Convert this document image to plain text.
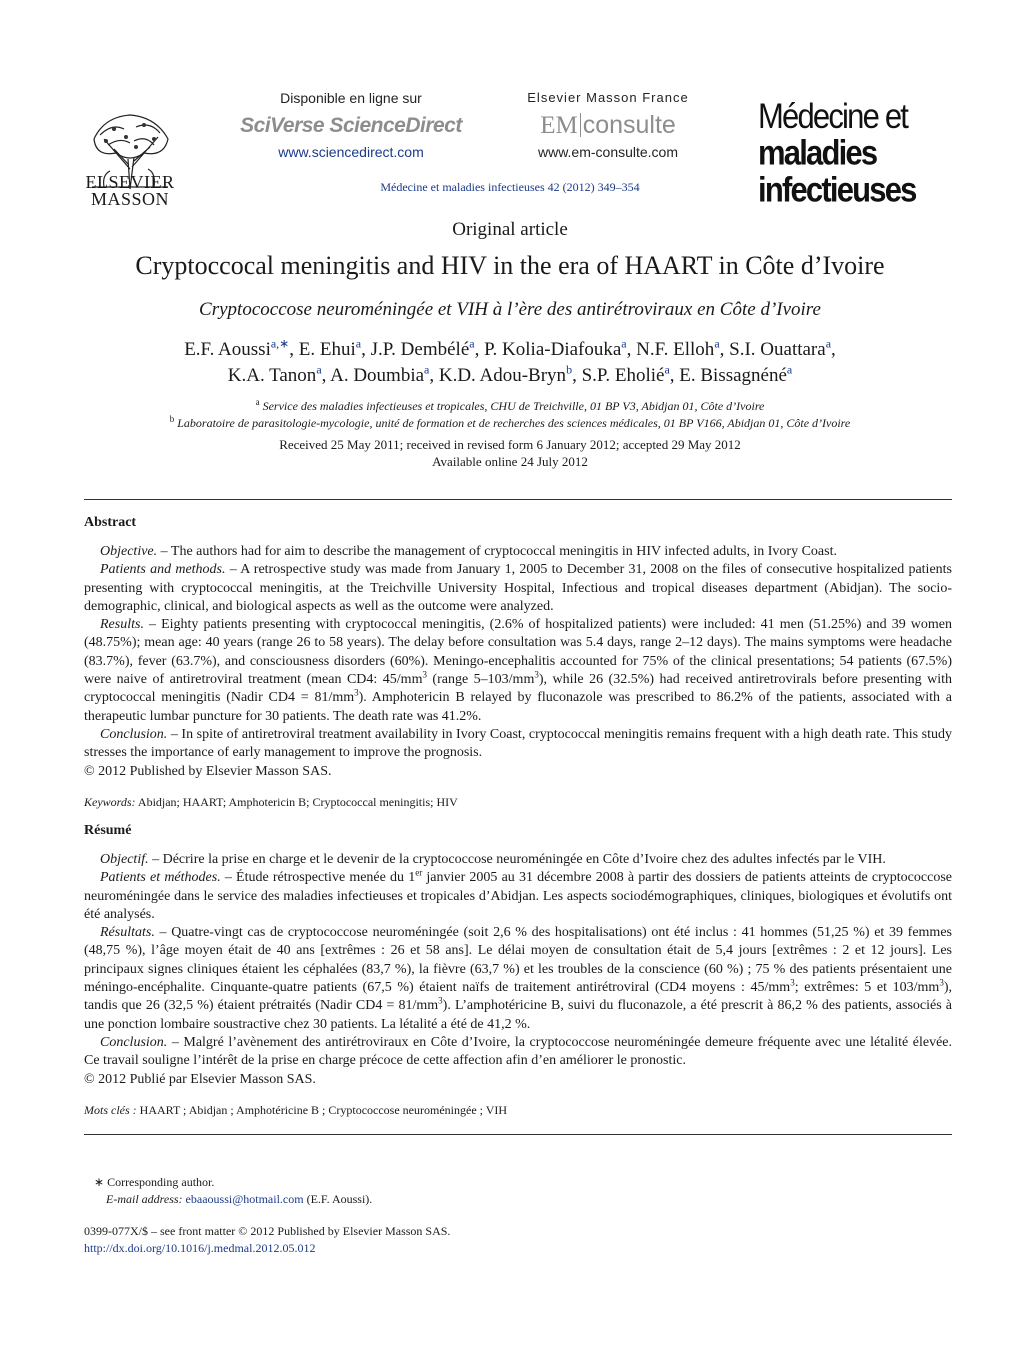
ELSEVIER
MASSON
Disponible en ligne sur
SciVerse ScienceDirect
www.sciencedirect.com
Elsevier Masson France
EM consulte
www.em-consulte.com
Médecine et
maladies infectieuses
Médecine et maladies infectieuses 42 (2012) 349–354
Original article
Cryptoccocal meningitis and HIV in the era of HAART in Côte d’Ivoire
Cryptococcose neuroméningée et VIH à l’ère des antirétroviraux en Côte d’Ivoire
E.F. Aoussi$^{a,∗}$, E. Ehui$^a$, J.P. Dembélé$^a$, P. Kolia-Diafouka$^a$, N.F. Elloh$^a$, S.I. Ouattara$^a$,
K.A. Tanon$^a$, A. Doumbia$^a$, K.D. Adou-Bryn$^b$, S.P. Eholié$^a$, E. Bissagnéné$^a$
$^a$ Service des maladies infectieuses et tropicales, CHU de Treichville, 01 BP V3, Abidjan 01, Côte d’Ivoire
$^b$ Laboratoire de parasitologie-mycologie, unité de formation et de recherches des sciences médicales, 01 BP V166, Abidjan 01, Côte d’Ivoire
Received 25 May 2011; received in revised form 6 January 2012; accepted 29 May 2012
Available online 24 July 2012
Abstract

Objective. – The authors had for aim to describe the management of cryptococcal meningitis in HIV infected adults, in Ivory Coast.

Patients and methods. – A retrospective study was made from January 1, 2005 to December 31, 2008 on the files of consecutive hospitalized patients presenting with cryptococcal meningitis, at the Treichville University Hospital, Infectious and tropical diseases department (Abidjan). The socio-demographic, clinical, and biological aspects as well as the outcome were analyzed.

Results. – Eighty patients presenting with cryptococcal meningitis, (2.6% of hospitalized patients) were included: 41 men (51.25%) and 39 women (48.75%); mean age: 40 years (range 26 to 58 years). The delay before consultation was 5.4 days, range 2–12 days). The mains symptoms were headache (83.7%), fever (63.7%), and consciousness disorders (60%). Meningo-encephalitis accounted for 75% of the clinical presentations; 54 patients (67.5%) were naive of antiretroviral treatment (mean CD4: $45/mm^3$ (range $5-103/mm^3$), while 26 (32.5%) had received antiretrovirals before presenting with cryptococcal meningitis (Nadir $CD4 = 81/mm^3$). Amphotericin B relayed by fluconazole was prescribed to 86.2% of the patients, associated with a therapeutic lumbar puncture for 30 patients. The death rate was 41.2%.

Conclusion. – In spite of antiretroviral treatment availability in Ivory Coast, cryptococcal meningitis remains frequent with a high death rate. This study stresses the importance of early management to improve the prognosis.

© 2012 Published by Elsevier Masson SAS.

Keywords: Abidjan; HAART; Amphotericin B; Cryptococcal meningitis; HIV
Résumé

Objectif. – Décrire la prise en charge et le devenir de la cryptococcose neuroméningée en Côte d’Ivoire chez des adultes infectés par le VIH.

Patients et méthodes. – Étude rétrospective menée du 1er janvier 2005 au 31 décembre 2008 à partir des dossiers de patients atteints de cryptococcose neuroméningée dans le service des maladies infectieuses et tropicales d’Abidjan. Les aspects sociodémographiques, cliniques, biologiques et évolutifs ont été analysés.

Résultats. – Quatre-vingt cas de cryptococcose neuroméningée (soit 2,6 % des hospitalisations) ont été inclus : 41 hommes (51,25 %) et 39 femmes (48,75 %), l’âge moyen était de 40 ans [extrêmes : 26 et 58 ans]. Le délai moyen de consultation était de 5,4 jours [extrêmes : 2 et 12 jours]. Les principaux signes cliniques étaient les céphalées (83,7 %), la fièvre (63,7 %) et les troubles de la conscience (60 %) ; 75 % des patients présentaient une méningo-encéphalite. Cinquante-quatre patients (67,5 %) étaient naïfs de traitement antirétroviral (CD4 moyens : $45/mm^3$; extrêmes: 5 et $103/mm^3$), tandis que 26 (32,5 %) étaient prétraités (Nadir $CD4 = 81/mm^3$). L’amphotéricine B, suivi du fluconazole, a été prescrit à 86,2 % des patients, associés à une ponction lombaire soustractive chez 30 patients. La létalité a été de 41,2 %.

Conclusion. – Malgré l’avènement des antirétroviraux en Côte d’Ivoire, la cryptococcose neuroméningée demeure fréquente avec une létalité élevée. Ce travail souligne l’intérêt de la prise en charge précoce de cette affection afin d’en améliorer le pronostic.

© 2012 Publié par Elsevier Masson SAS.

Mots clés : HAART ; Abidjan ; Amphotéricine B ; Cryptococcose neuroméningée ; VIH
∗ Corresponding author.
E-mail address: ebaaoussi@hotmail.com (E.F. Aoussi).
0399-077X/$ – see front matter © 2012 Published by Elsevier Masson SAS.
http://dx.doi.org/10.1016/j.medmal.2012.05.012
